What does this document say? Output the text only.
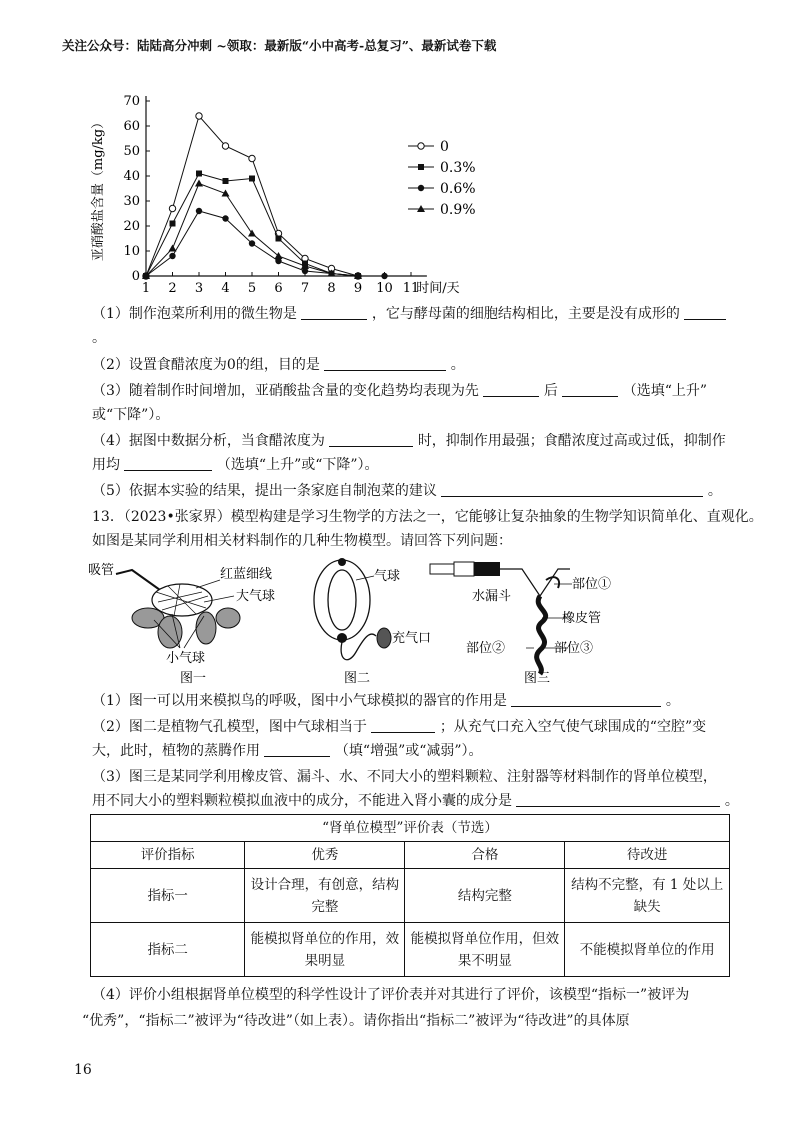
关注公众号：陆陆高分冲刺 ~领取：最新版“小中高考-总复习”、最新试卷下载
0
10
20
30
40
50
60
70
1 2 3 4 5 6 7 8 9 10 11
时间/天
亚硝酸盐含量（mg/kg）	0
0.3%
0.6%
0.9%
（1）制作泡菜所利用的微生物是	，它与酵母菌的细胞结构相比，主要是没有成形的
。
（2）设置食醋浓度为0的组，目的是	。
（3）随着制作时间增加，亚硝酸盐含量的变化趋势均表现为先	后	（选填“上升”
或“下降”）。
（4）据图中数据分析，当食醋浓度为	时，抑制作用最强；食醋浓度过高或过低，抑制作
用均	（选填“上升”或“下降”）。
（5）依据本实验的结果，提出一条家庭自制泡菜的建议	。
13．（2023•张家界）模型构建是学习生物学的方法之一，它能够让复杂抽象的生物学知识简单化、直观化。
如图是某同学利用相关材料制作的几种生物模型。请回答下列问题：
吸管	红蓝细线
大气球
小气球
图一
气球
充气口
图二
部位①
水漏斗
橡皮管
部位②	部位③
图三
（1）图一可以用来模拟鸟的呼吸，图中小气球模拟的器官的作用是	。
（2）图二是植物气孔模型，图中气球相当于	；从充气口充入空气使气球围成的“空腔”变
大，此时，植物的蒸腾作用	（填“增强”或“减弱”）。
（3）图三是某同学利用橡皮管、漏斗、水、不同大小的塑料颗粒、注射器等材料制作的肾单位模型，
用不同大小的塑料颗粒模拟血液中的成分，不能进入肾小囊的成分是	。
“肾单位模型”评价表（节选）			
评价指标	优秀	合格	待改进
指标一	设计合理，有创意，结构完整	结构完整	结构不完整，有 1 处以上缺失
指标二	能模拟肾单位的作用，效果明显	能模拟肾单位作用，但效果不明显	不能模拟肾单位的作用
（4）评价小组根据肾单位模型的科学性设计了评价表并对其进行了评价，该模型“指标一”被评为
“优秀”，“指标二”被评为“待改进”（如上表）。请你指出“指标二”被评为“待改进”的具体原
16
